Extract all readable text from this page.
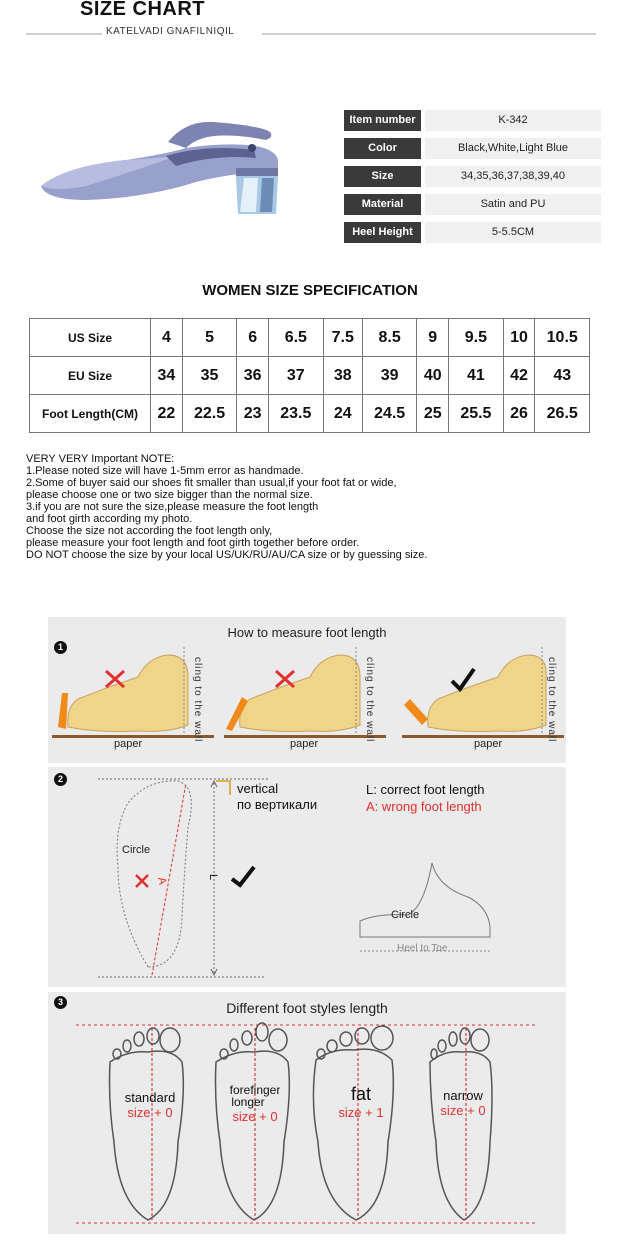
SIZE CHART
KATELVADI GNAFILNIQIL
Item number	K-342
Color	Black,White,Light Blue
Size	34,35,36,37,38,39,40
Material	Satin and PU
Heel Height	5-5.5CM
WOMEN SIZE SPECIFICATION
US Size	4	5	6	6.5	7.5	8.5	9	9.5	10	10.5
EU Size	34	35	36	37	38	39	40	41	42	43
Foot Length(CM)	22	22.5	23	23.5	24	24.5	25	25.5	26	26.5
VERY VERY Important NOTE:
1.Please noted size will have 1-5mm error as handmade.
2.Some of buyer said our shoes fit smaller than usual,if your foot fat or wide,
please choose one or two size bigger than the normal size.
3.if you are not sure the size,please measure the foot length
and foot girth according my photo.
Choose the size not according the foot length only,
please measure your foot length and foot girth together before order.
DO NOT choose the size by your local US/UK/RU/AU/CA size or by guessing size.
1
How to measure foot length
paper	paper	paper
cling to the wall	cling to the wall	cling to the wall
2
Circle
A	L
vertical
по вертикали
L: correct foot length
A: wrong foot length
Circle
Heel to Toe
3	Different foot styles length
standard
size + 0
forefinger
longer
size + 0
fat
size + 1
narrow
size + 0
